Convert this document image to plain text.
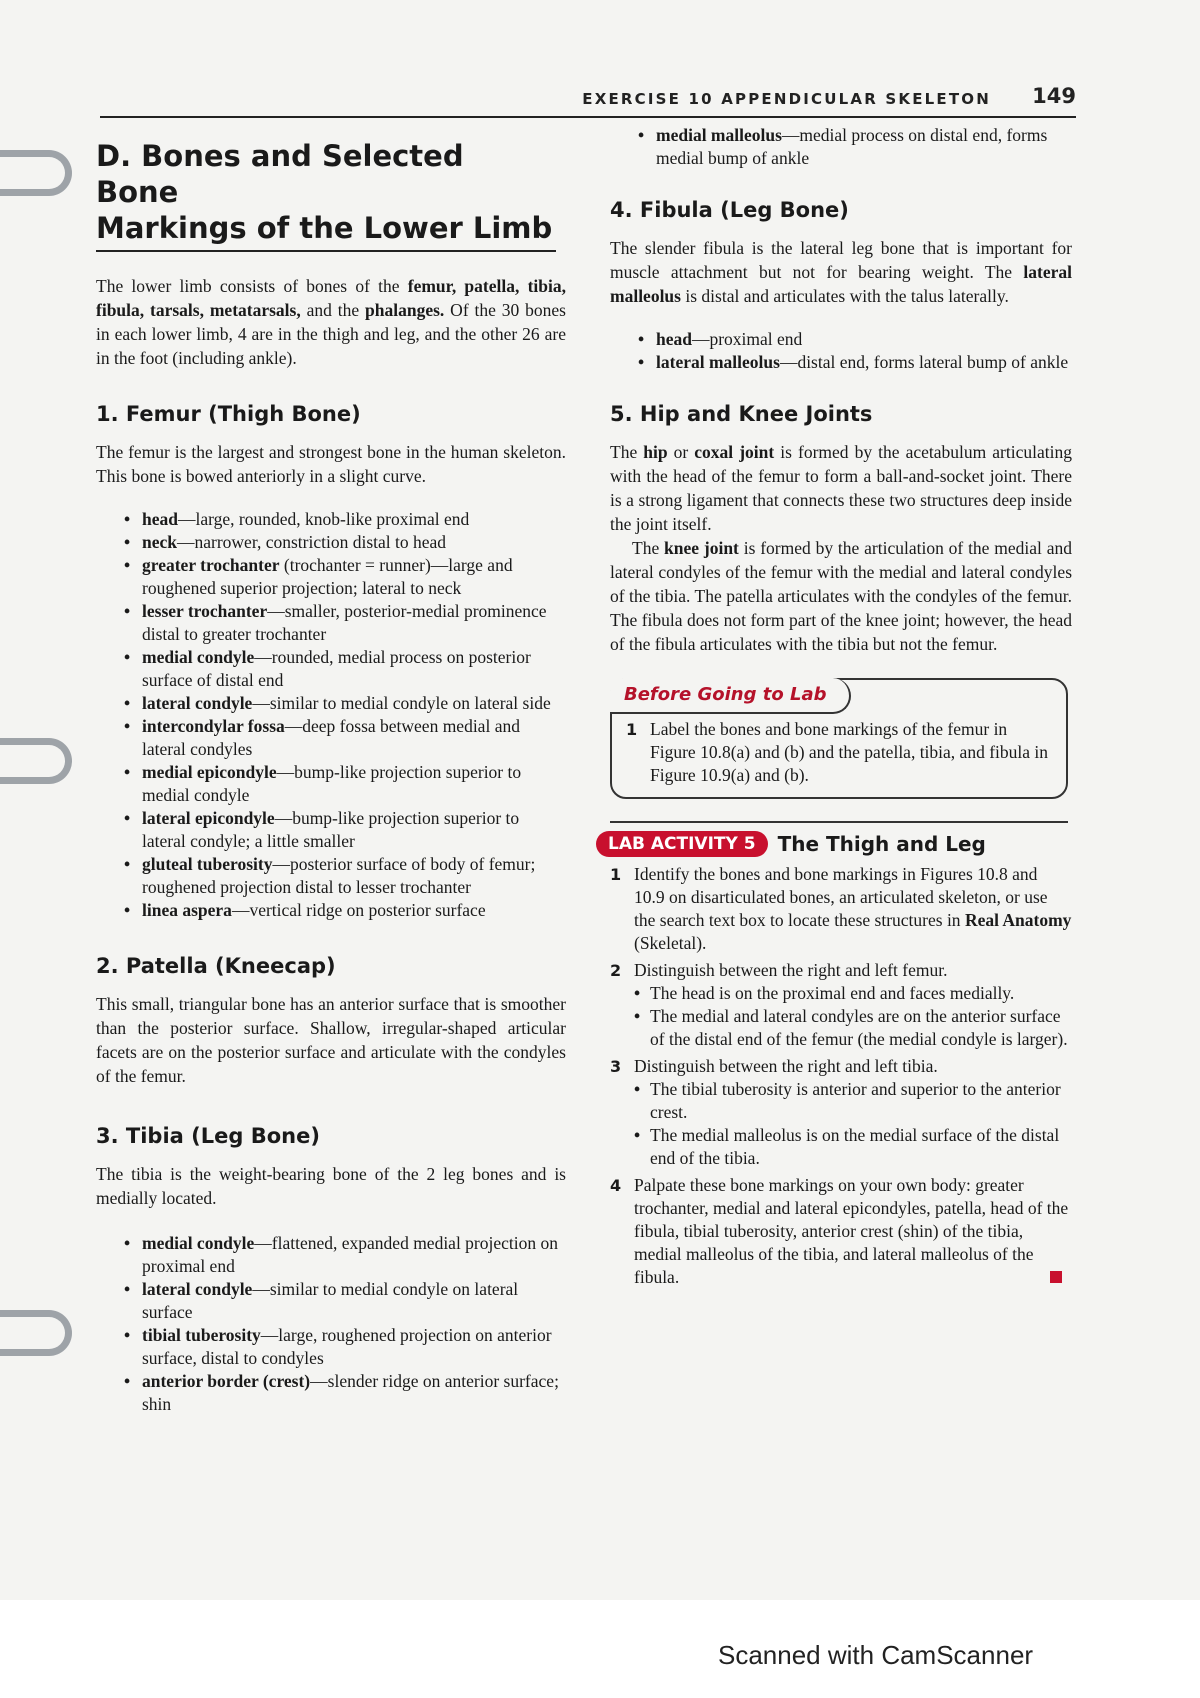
EXERCISE 10 APPENDICULAR SKELETON 149
D. Bones and Selected Bone
Markings of the Lower Limb

The lower limb consists of bones of the femur, patella, tibia, fibula, tarsals, metatarsals, and the phalanges. Of the 30 bones in each lower limb, 4 are in the thigh and leg, and the other 26 are in the foot (including ankle).

1. Femur (Thigh Bone)

The femur is the largest and strongest bone in the human skeleton. This bone is bowed anteriorly in a slight curve.

• head—large, rounded, knob-like proximal end
• neck—narrower, constriction distal to head
• greater trochanter (trochanter = runner)—large and roughened superior projection; lateral to neck
• lesser trochanter—smaller, posterior-medial prominence distal to greater trochanter
• medial condyle—rounded, medial process on posterior surface of distal end
• lateral condyle—similar to medial condyle on lateral side
• intercondylar fossa—deep fossa between medial and lateral condyles
• medial epicondyle—bump-like projection superior to medial condyle
• lateral epicondyle—bump-like projection superior to lateral condyle; a little smaller
• gluteal tuberosity—posterior surface of body of femur; roughened projection distal to lesser trochanter
• linea aspera—vertical ridge on posterior surface
2. Patella (Kneecap)

This small, triangular bone has an anterior surface that is smoother than the posterior surface. Shallow, irregular-shaped articular facets are on the posterior surface and articulate with the condyles of the femur.

3. Tibia (Leg Bone)

The tibia is the weight-bearing bone of the 2 leg bones and is medially located.

• medial condyle—flattened, expanded medial projection on proximal end
• lateral condyle—similar to medial condyle on lateral surface
• tibial tuberosity—large, roughened projection on anterior surface, distal to condyles
• anterior border (crest)—slender ridge on anterior surface; shin
• medial malleolus—medial process on distal end, forms medial bump of ankle
4. Fibula (Leg Bone)

The slender fibula is the lateral leg bone that is important for muscle attachment but not for bearing weight. The lateral malleolus is distal and articulates with the talus laterally.

• head—proximal end
• lateral malleolus—distal end, forms lateral bump of ankle
5. Hip and Knee Joints

The hip or coxal joint is formed by the acetabulum articulating with the head of the femur to form a ball-and-socket joint. There is a strong ligament that connects these two structures deep inside the joint itself.

The knee joint is formed by the articulation of the medial and lateral condyles of the femur with the medial and lateral condyles of the tibia. The patella articulates with the condyles of the femur. The fibula does not form part of the knee joint; however, the head of the fibula articulates with the tibia but not the femur.

Before Going to Lab
1 Label the bones and bone markings of the femur in Figure 10.8(a) and (b) and the patella, tibia, and fibula in Figure 10.9(a) and (b).
LAB ACTIVITY 5	The Thigh and Leg
1 Identify the bones and bone markings in Figures 10.8 and 10.9 on disarticulated bones, an articulated skeleton, or use the search text box to locate these structures in Real Anatomy (Skeletal).
2 Distinguish between the right and left femur.
• The head is on the proximal end and faces medially.
• The medial and lateral condyles are on the anterior surface of the distal end of the femur (the medial condyle is larger).
3 Distinguish between the right and left tibia.
• The tibial tuberosity is anterior and superior to the anterior crest.
• The medial malleolus is on the medial surface of the distal end of the tibia.
4 Palpate these bone markings on your own body: greater trochanter, medial and lateral epicondyles, patella, head of the fibula, tibial tuberosity, anterior crest (shin) of the tibia, medial malleolus of the tibia, and lateral malleolus of the fibula.
Scanned with CamScanner
